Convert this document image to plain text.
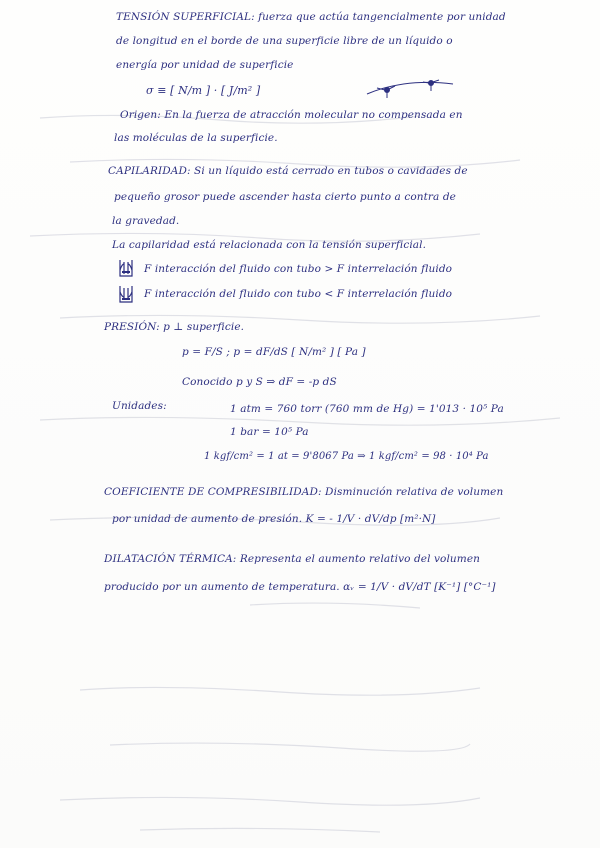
TENSIÓN SUPERFICIAL: fuerza que actúa tangencialmente por unidad
de longitud en el borde de una superficie libre de un líquido o
energía por unidad de superficie
σ ≡ [ N/m ] · [ J/m² ]
Origen: En la fuerza de atracción molecular no compensada en
las moléculas de la superficie.
CAPILARIDAD: Si un líquido está cerrado en tubos o cavidades de
pequeño grosor puede ascender hasta cierto punto a contra de
la gravedad.
La capilaridad está relacionada con la tensión superficial.
F interacción del fluido con tubo > F interrelación fluido
F interacción del fluido con tubo < F interrelación fluido
PRESIÓN: p ⊥ superficie.
p = F/S ; p = dF/dS [ N/m² ] [ Pa ]
Conocido p y S ⇒ dF = -p dS
Unidades:	1 atm = 760 torr (760 mm de Hg) = 1'013 · 10⁵ Pa
1 bar = 10⁵ Pa
1 kgf/cm² = 1 at = 9'8067 Pa ⇒ 1 kgf/cm² = 98 · 10⁴ Pa
COEFICIENTE DE COMPRESIBILIDAD: Disminución relativa de volumen
por unidad de aumento de presión. K = - 1/V · dV/dp [m²·N]
DILATACIÓN TÉRMICA: Representa el aumento relativo del volumen
producido por un aumento de temperatura. αᵥ = 1/V · dV/dT [K⁻¹] [°C⁻¹]
